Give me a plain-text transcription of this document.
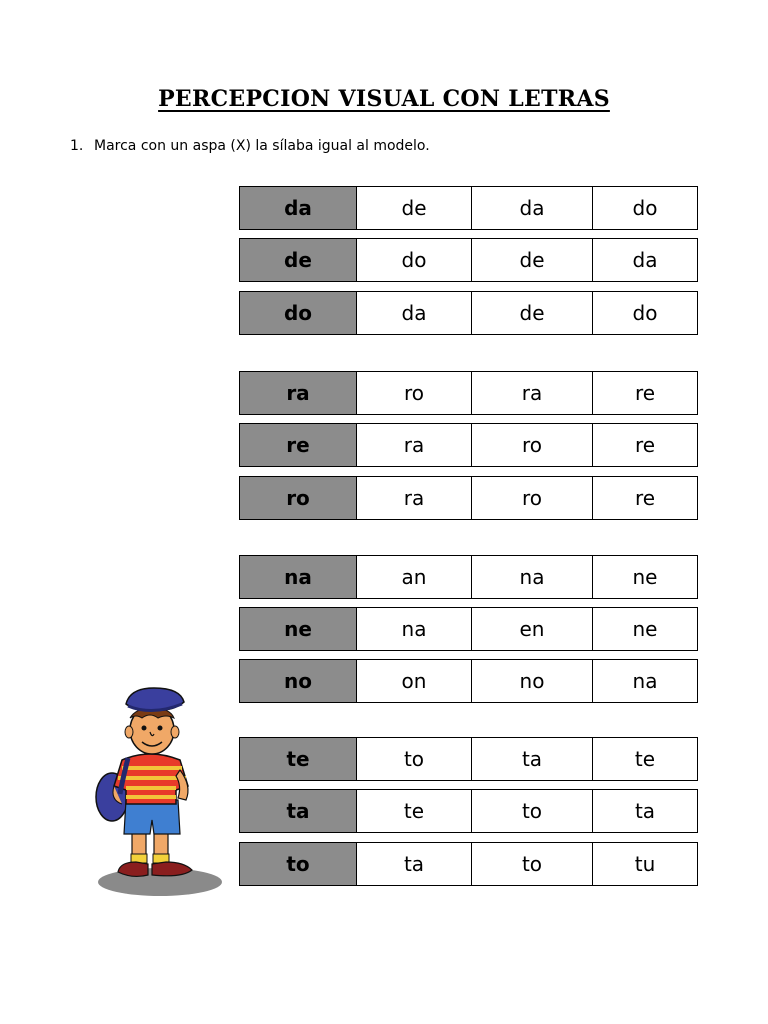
PERCEPCION VISUAL CON LETRAS
1. Marca con un aspa (X) la sílaba igual al modelo.
da	de	da	do
de	do	de	da
do	da	de	do
ra	ro	ra	re
re	ra	ro	re
ro	ra	ro	re
na	an	na	ne
ne	na	en	ne
no	on	no	na
te	to	ta	te
ta	te	to	ta
to	ta	to	tu
